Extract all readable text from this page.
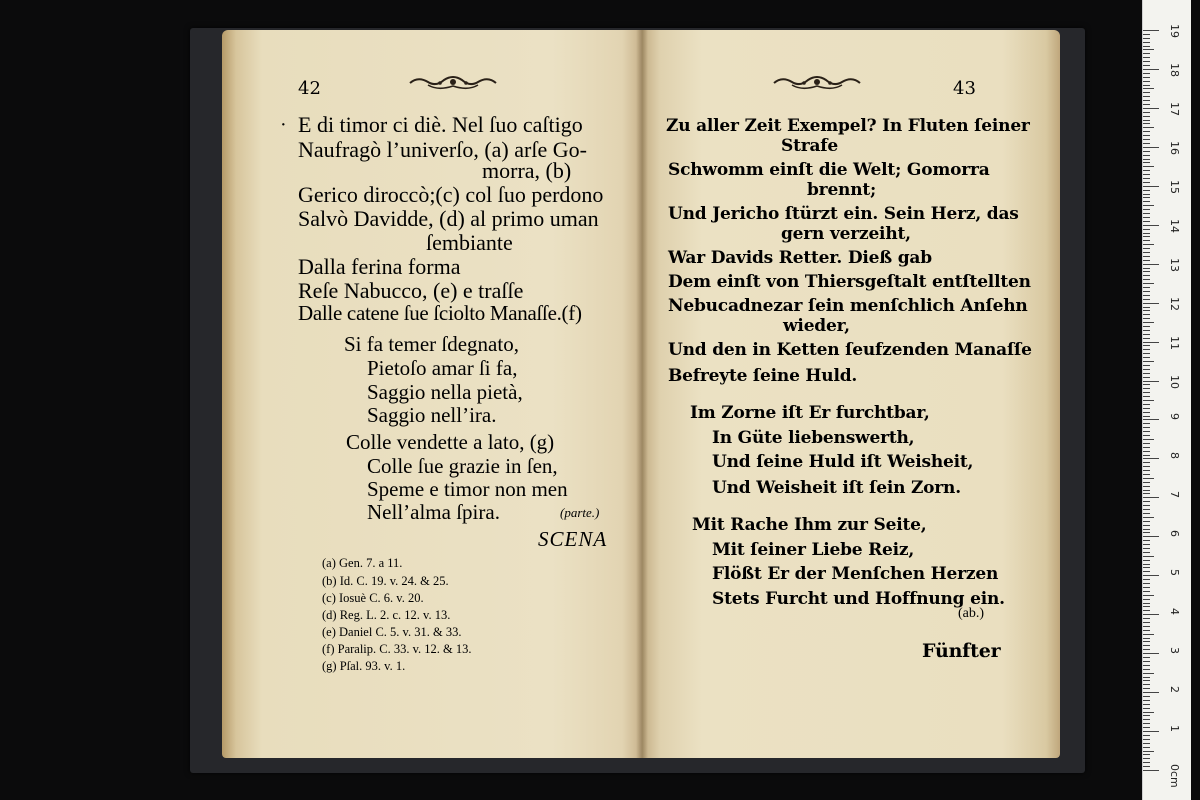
42
· E di timor ci diè. Nel ſuo caſtigo
Naufragò l’univerſo, (a) arſe Go-
morra, (b)
Gerico diroccò;(c) col ſuo perdono
Salvò Davidde, (d) al primo uman
ſembiante
Dalla ferina forma
Reſe Nabucco, (e) e traſſe
Dalle catene ſue ſciolto Manaſſe.(f)
Si fa temer ſdegnato,
Pietoſo amar ſi fa,
Saggio nella pietà,
Saggio nell’ira.
Colle vendette a lato, (g)
Colle ſue grazie in ſen,
Speme e timor non men
Nell’alma ſpira.	(parte.)
SCENA
(a) Gen. 7. a 11.
(b) Id. C. 19. v. 24. & 25.
(c) Iosuè C. 6. v. 20.
(d) Reg. L. 2. c. 12. v. 13.
(e) Daniel C. 5. v. 31. & 33.
(f) Paralip. C. 33. v. 12. & 13.
(g) Pſal. 93. v. 1.
43
Zu aller Zeit Exempel? In Fluten ſeiner
Strafe
Schwomm einſt die Welt; Gomorra
brennt;
Und Jericho ſtürzt ein. Sein Herz, das
gern verzeiht,
War Davids Retter. Dieß gab
Dem einſt von Thiersgeſtalt entſtellten
Nebucadnezar ſein menſchlich Anſehn
wieder,
Und den in Ketten ſeufzenden Manaſſe
Befreyte ſeine Huld.
Im Zorne iſt Er furchtbar,
In Güte liebenswerth,
Und ſeine Huld iſt Weisheit,
Und Weisheit iſt ſein Zorn.
Mit Rache Ihm zur Seite,
Mit ſeiner Liebe Reiz,
Flößt Er der Menſchen Herzen
Stets Furcht und Hoffnung ein.
(ab.)
Fünfter
19
18
17
16
15
14
13
12
11
10
9
8
7
6
5
4
3
2
1
0cm
